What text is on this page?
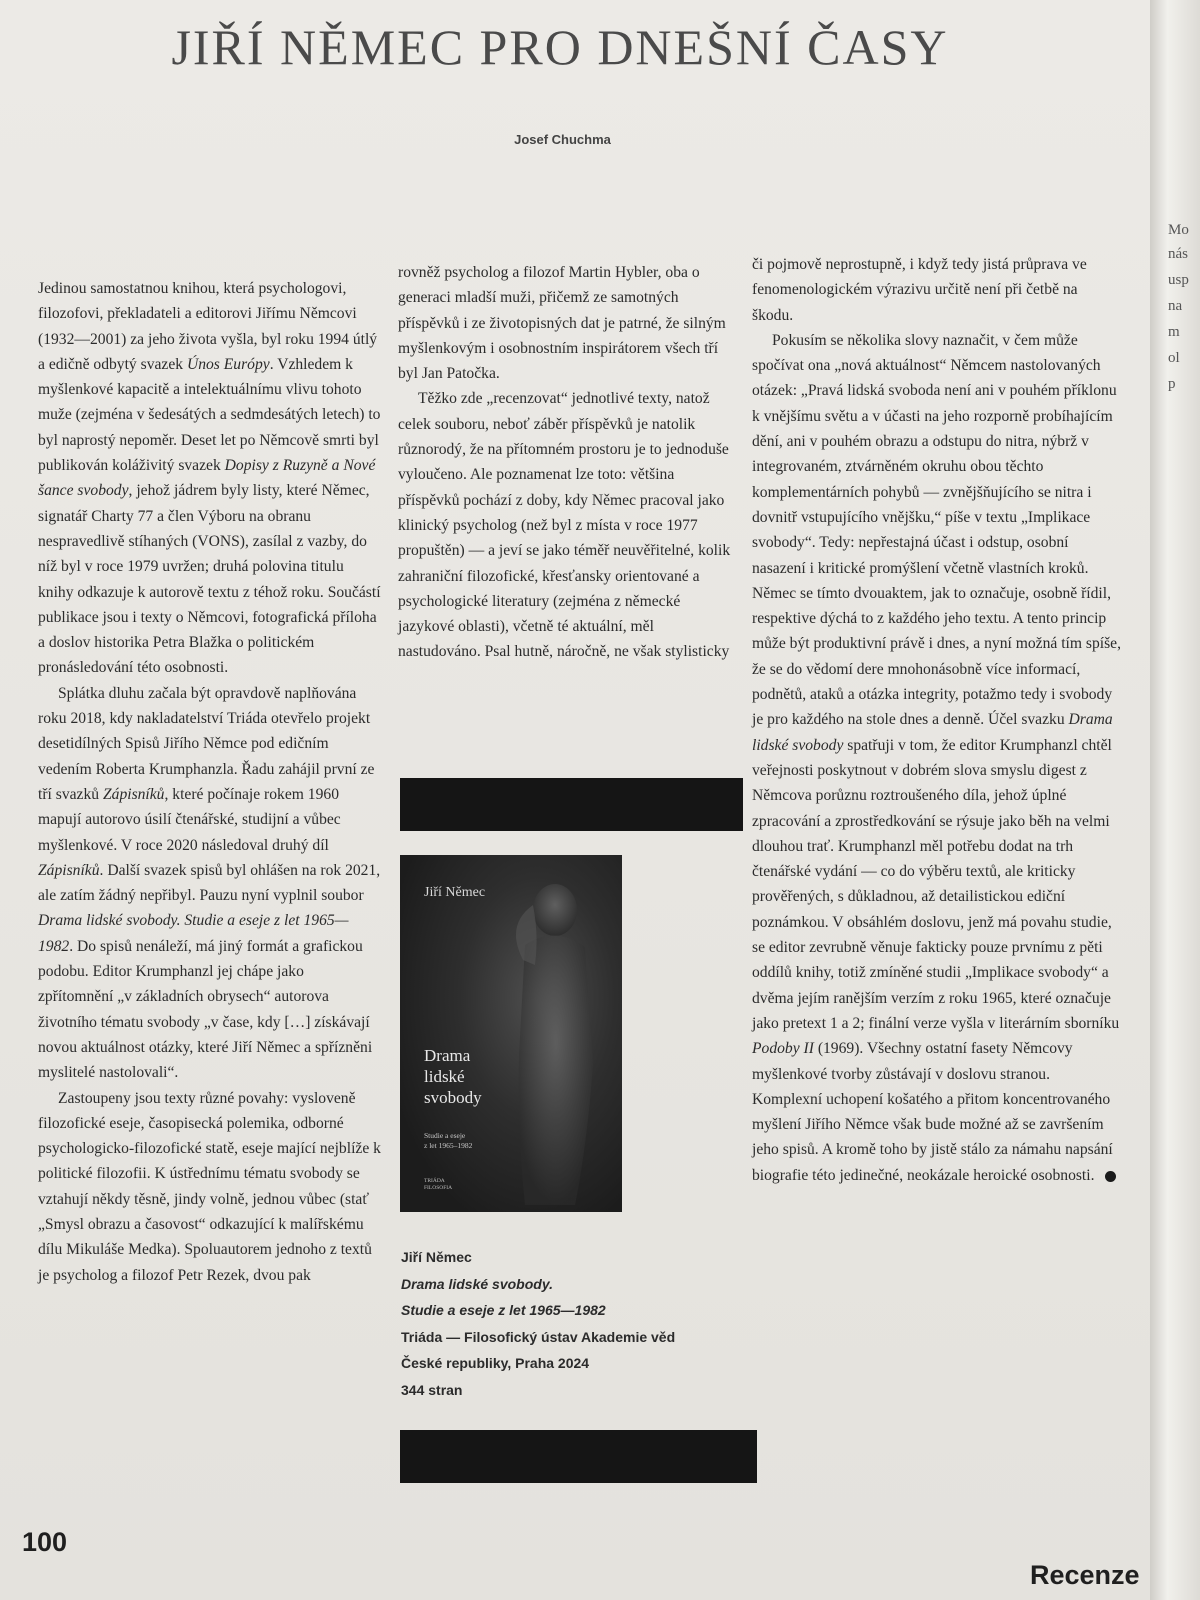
JIŘÍ NĚMEC PRO DNEŠNÍ ČASY
Josef Chuchma

Jedinou samostatnou knihou, která psychologovi, filozofovi, překladateli a editorovi Jiřímu Němcovi (1932—2001) za jeho života vyšla, byl roku 1994 útlý a edičně odbytý svazek Únos Európy. Vzhledem k myšlenkové kapacitě a intelektuálnímu vlivu tohoto muže (zejména v šedesátých a sedmdesátých letech) to byl naprostý nepoměr. Deset let po Němcově smrti byl publikován koláživitý svazek Dopisy z Ruzyně a Nové šance svobody, jehož jádrem byly listy, které Němec, signatář Charty 77 a člen Výboru na obranu nespravedlivě stíhaných (VONS), zasílal z vazby, do níž byl v roce 1979 uvržen; druhá polovina titulu knihy odkazuje k autorově textu z téhož roku. Součástí publikace jsou i texty o Němcovi, fotografická příloha a doslov historika Petra Blažka o politickém pronásledování této osobnosti.

Splátka dluhu začala být opravdově naplňována roku 2018, kdy nakladatelství Triáda otevřelo projekt desetidílných Spisů Jiřího Němce pod edičním vedením Roberta Krumphanzla. Řadu zahájil první ze tří svazků Zápisníků, které počínaje rokem 1960 mapují autorovo úsilí čtenářské, studijní a vůbec myšlenkové. V roce 2020 následoval druhý díl Zápisníků. Další svazek spisů byl ohlášen na rok 2021, ale zatím žádný nepřibyl. Pauzu nyní vyplnil soubor Drama lidské svobody. Studie a eseje z let 1965—1982. Do spisů nenáleží, má jiný formát a grafickou podobu. Editor Krumphanzl jej chápe jako zpřítomnění „v základních obrysech“ autorova životního tématu svobody „v čase, kdy […] získávají novou aktuálnost otázky, které Jiří Němec a spřízněni myslitelé nastolovali“.

Zastoupeny jsou texty různé povahy: vysloveně filozofické eseje, časopisecká polemika, odborné psychologicko-filozofické statě, eseje mající nejblíže k politické filozofii. K ústřednímu tématu svobody se vztahují někdy těsně, jindy volně, jednou vůbec (stať „Smysl obrazu a časovost“ odkazující k malířskému dílu Mikuláše Medka). Spoluautorem jednoho z textů je psycholog a filozof Petr Rezek, dvou pak

rovněž psycholog a filozof Martin Hybler, oba o generaci mladší muži, přičemž ze samotných příspěvků i ze životopisných dat je patrné, že silným myšlenkovým i osobnostním inspirátorem všech tří byl Jan Patočka.

Těžko zde „recenzovat“ jednotlivé texty, natož celek souboru, neboť záběr příspěvků je natolik různorodý, že na přítomném prostoru je to jednoduše vyloučeno. Ale poznamenat lze toto: většina příspěvků pochází z doby, kdy Němec pracoval jako klinický psycholog (než byl z místa v roce 1977 propuštěn) — a jeví se jako téměř neuvěřitelné, kolik zahraniční filozofické, křesťansky orientované a psychologické literatury (zejména z německé jazykové oblasti), včetně té aktuální, měl nastudováno. Psal hutně, náročně, ne však stylisticky

či pojmově neprostupně, i když tedy jistá průprava ve fenomenologickém výrazivu určitě není při četbě na škodu.

Pokusím se několika slovy naznačit, v čem může spočívat ona „nová aktuálnost“ Němcem nastolovaných otázek: „Pravá lidská svoboda není ani v pouhém příklonu k vnějšímu světu a v účasti na jeho rozporně probíhajícím dění, ani v pouhém obrazu a odstupu do nitra, nýbrž v integrovaném, ztvárněném okruhu obou těchto komplementárních pohybů — zvnějšňujícího se nitra i dovnitř vstupujícího vnějšku,“ píše v textu „Implikace svobody“. Tedy: nepřestajná účast i odstup, osobní nasazení i kritické promýšlení včetně vlastních kroků. Němec se tímto dvouaktem, jak to označuje, osobně řídil, respektive dýchá to z každého jeho textu. A tento princip může být produktivní právě i dnes, a nyní možná tím spíše, že se do vědomí dere mnohonásobně více informací, podnětů, ataků a otázka integrity, potažmo tedy i svobody je pro každého na stole dnes a denně. Účel svazku Drama lidské svobody spatřuji v tom, že editor Krumphanzl chtěl veřejnosti poskytnout v dobrém slova smyslu digest z Němcova porůznu roztroušeného díla, jehož úplné zpracování a zprostředkování se rýsuje jako běh na velmi dlouhou trať. Krumphanzl měl potřebu dodat na trh čtenářské vydání — co do výběru textů, ale kriticky prověřených, s důkladnou, až detailistickou ediční poznámkou. V obsáhlém doslovu, jenž má povahu studie, se editor zevrubně věnuje fakticky pouze prvnímu z pěti oddílů knihy, totiž zmíněné studii „Implikace svobody“ a dvěma jejím ranějším verzím z roku 1965, které označuje jako pretext 1 a 2; finální verze vyšla v literárním sborníku Podoby II (1969). Všechny ostatní fasety Němcovy myšlenkové tvorby zůstávají v doslovu stranou. Komplexní uchopení košatého a přitom koncentrovaného myšlení Jiřího Němce však bude možné až se završením jeho spisů. A kromě toho by jistě stálo za námahu napsání biografie této jedinečné, neokázale heroické osobnosti.

Jiří Němec
Drama
lidské
svobody
Studie a eseje
z let 1965–1982
TRIÁDA
FILOSOFIA
Jiří Němec
Drama lidské svobody.
Studie a eseje z let 1965—1982
Triáda — Filosofický ústav Akademie věd
České republiky, Praha 2024
344 stran
100
Recenze
Mo
nás
usp
na
m
ol
p
